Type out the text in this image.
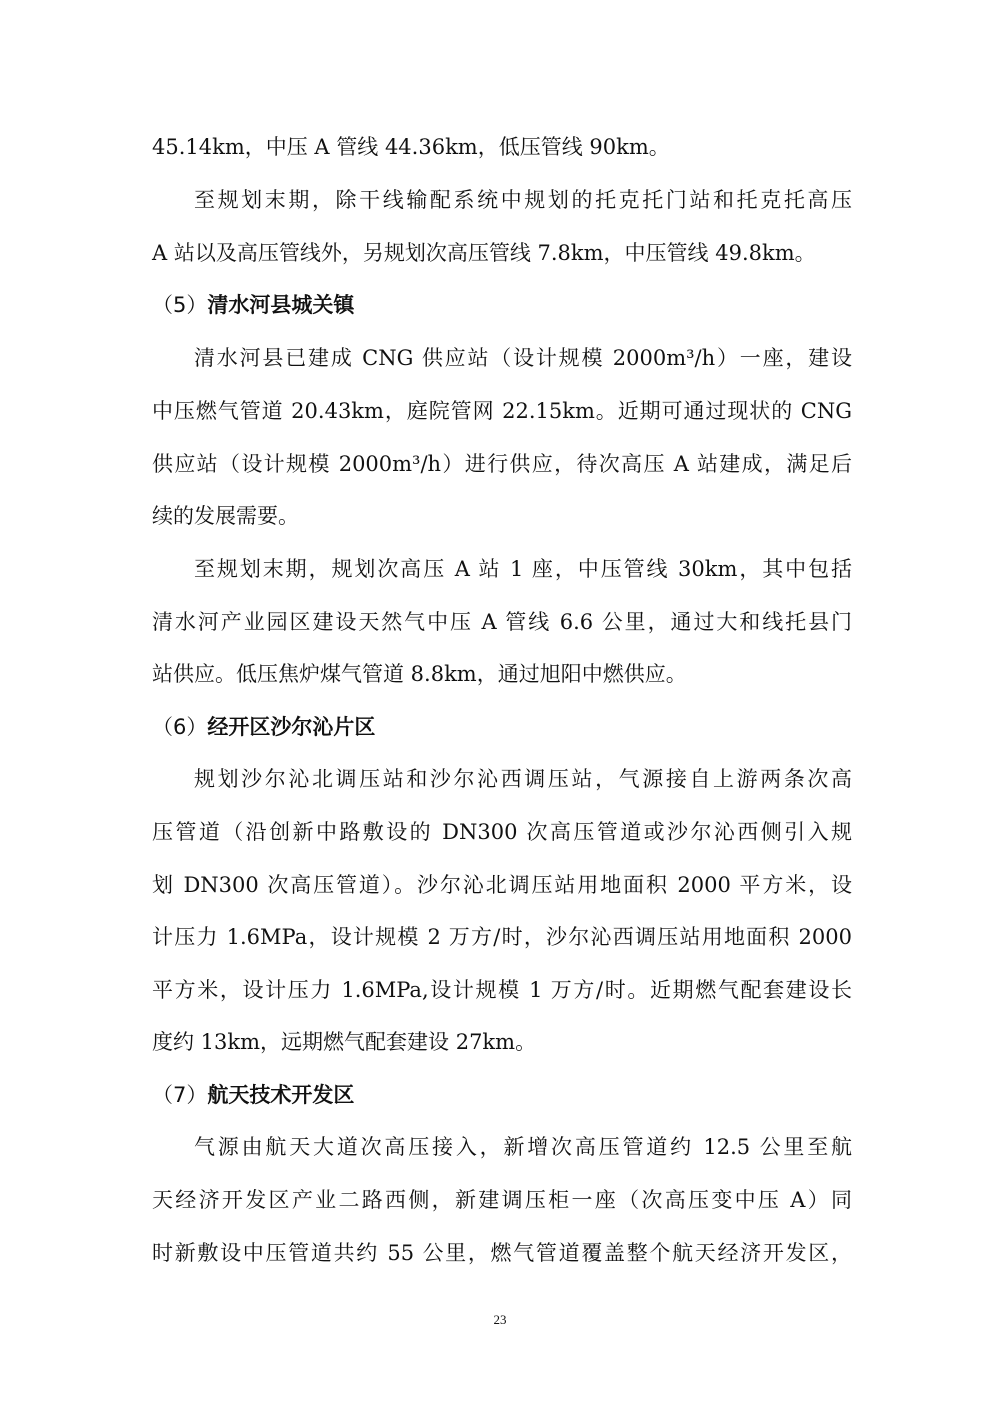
45.14km，中压 A 管线 44.36km，低压管线 90km。
至规划末期，除干线输配系统中规划的托克托门站和托克托高压
A 站以及高压管线外，另规划次高压管线 7.8km，中压管线 49.8km。
（5）清水河县城关镇
清水河县已建成 CNG 供应站（设计规模 2000m³/h）一座，建设
中压燃气管道 20.43km，庭院管网 22.15km。近期可通过现状的 CNG
供应站（设计规模 2000m³/h）进行供应，待次高压 A 站建成，满足后
续的发展需要。
至规划末期，规划次高压 A 站 1 座，中压管线 30km，其中包括
清水河产业园区建设天然气中压 A 管线 6.6 公里，通过大和线托县门
站供应。低压焦炉煤气管道 8.8km，通过旭阳中燃供应。
（6）经开区沙尔沁片区
规划沙尔沁北调压站和沙尔沁西调压站，气源接自上游两条次高
压管道（沿创新中路敷设的 DN300 次高压管道或沙尔沁西侧引入规
划 DN300 次高压管道）。沙尔沁北调压站用地面积 2000 平方米，设
计压力 1.6MPa，设计规模 2 万方/时，沙尔沁西调压站用地面积 2000
平方米，设计压力 1.6MPa,设计规模 1 万方/时。近期燃气配套建设长
度约 13km，远期燃气配套建设 27km。
（7）航天技术开发区
气源由航天大道次高压接入，新增次高压管道约 12.5 公里至航
天经济开发区产业二路西侧，新建调压柜一座（次高压变中压 A）同
时新敷设中压管道共约 55 公里，燃气管道覆盖整个航天经济开发区，
23
